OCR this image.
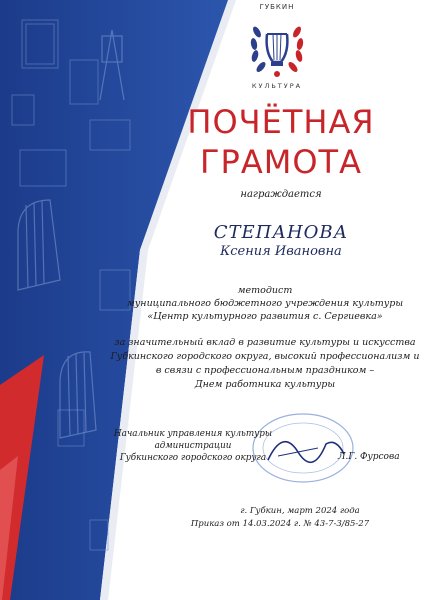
ГУБКИН
КУЛЬТУРА
ПОЧЁТНАЯ
ГРАМОТА
награждается
СТЕПАНОВА
Ксения Ивановна
методист
муниципального бюджетного учреждения культуры
«Центр культурного развития с. Сергиевка»
за значительный вклад в развитие культуры и искусства
Губкинского городского округа, высокий профессионализм и
в связи с профессиональным праздником –
Днем работника культуры
Начальник управления культуры
администрации
Губкинского городского округа	Л.Г. Фурсова
г. Губкин, март 2024 года
Приказ от 14.03.2024 г. № 43-7-3/85-27
